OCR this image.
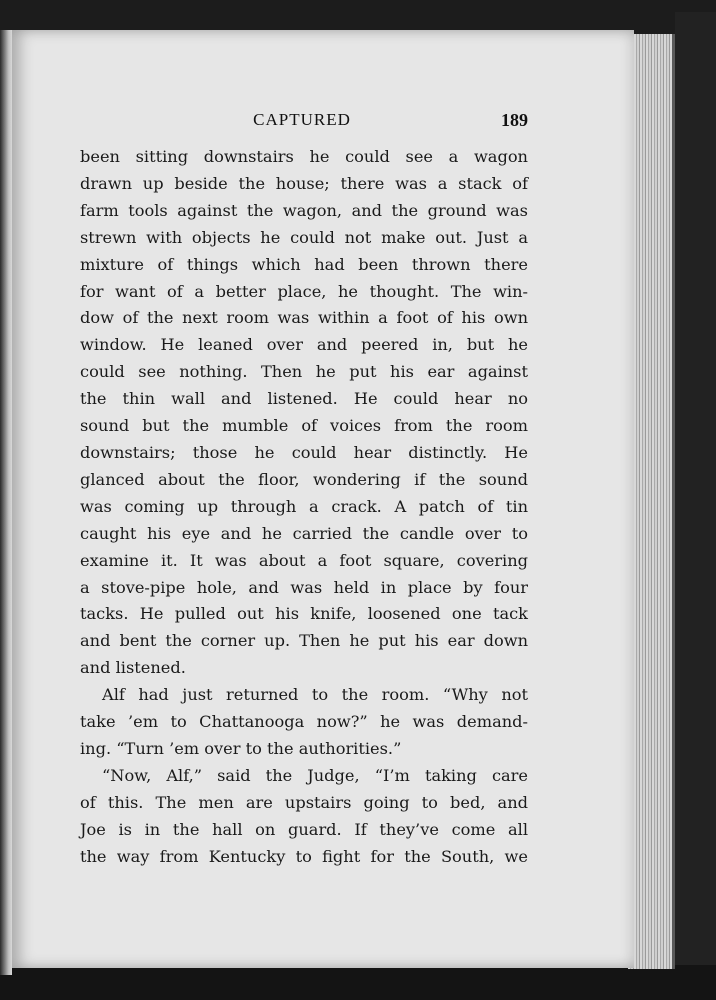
CAPTURED	189
been sitting downstairs he could see a wagon
drawn up beside the house; there was a stack of
farm tools against the wagon, and the ground was
strewn with objects he could not make out. Just a
mixture of things which had been thrown there
for want of a better place, he thought. The win-
dow of the next room was within a foot of his own
window. He leaned over and peered in, but he
could see nothing. Then he put his ear against
the thin wall and listened. He could hear no
sound but the mumble of voices from the room
downstairs; those he could hear distinctly. He
glanced about the floor, wondering if the sound
was coming up through a crack. A patch of tin
caught his eye and he carried the candle over to
examine it. It was about a foot square, covering
a stove-pipe hole, and was held in place by four
tacks. He pulled out his knife, loosened one tack
and bent the corner up. Then he put his ear down
and listened.
Alf had just returned to the room. “Why not
take ’em to Chattanooga now?” he was demand-
ing. “Turn ’em over to the authorities.”
“Now, Alf,” said the Judge, “I’m taking care
of this. The men are upstairs going to bed, and
Joe is in the hall on guard. If they’ve come all
the way from Kentucky to fight for the South, we
